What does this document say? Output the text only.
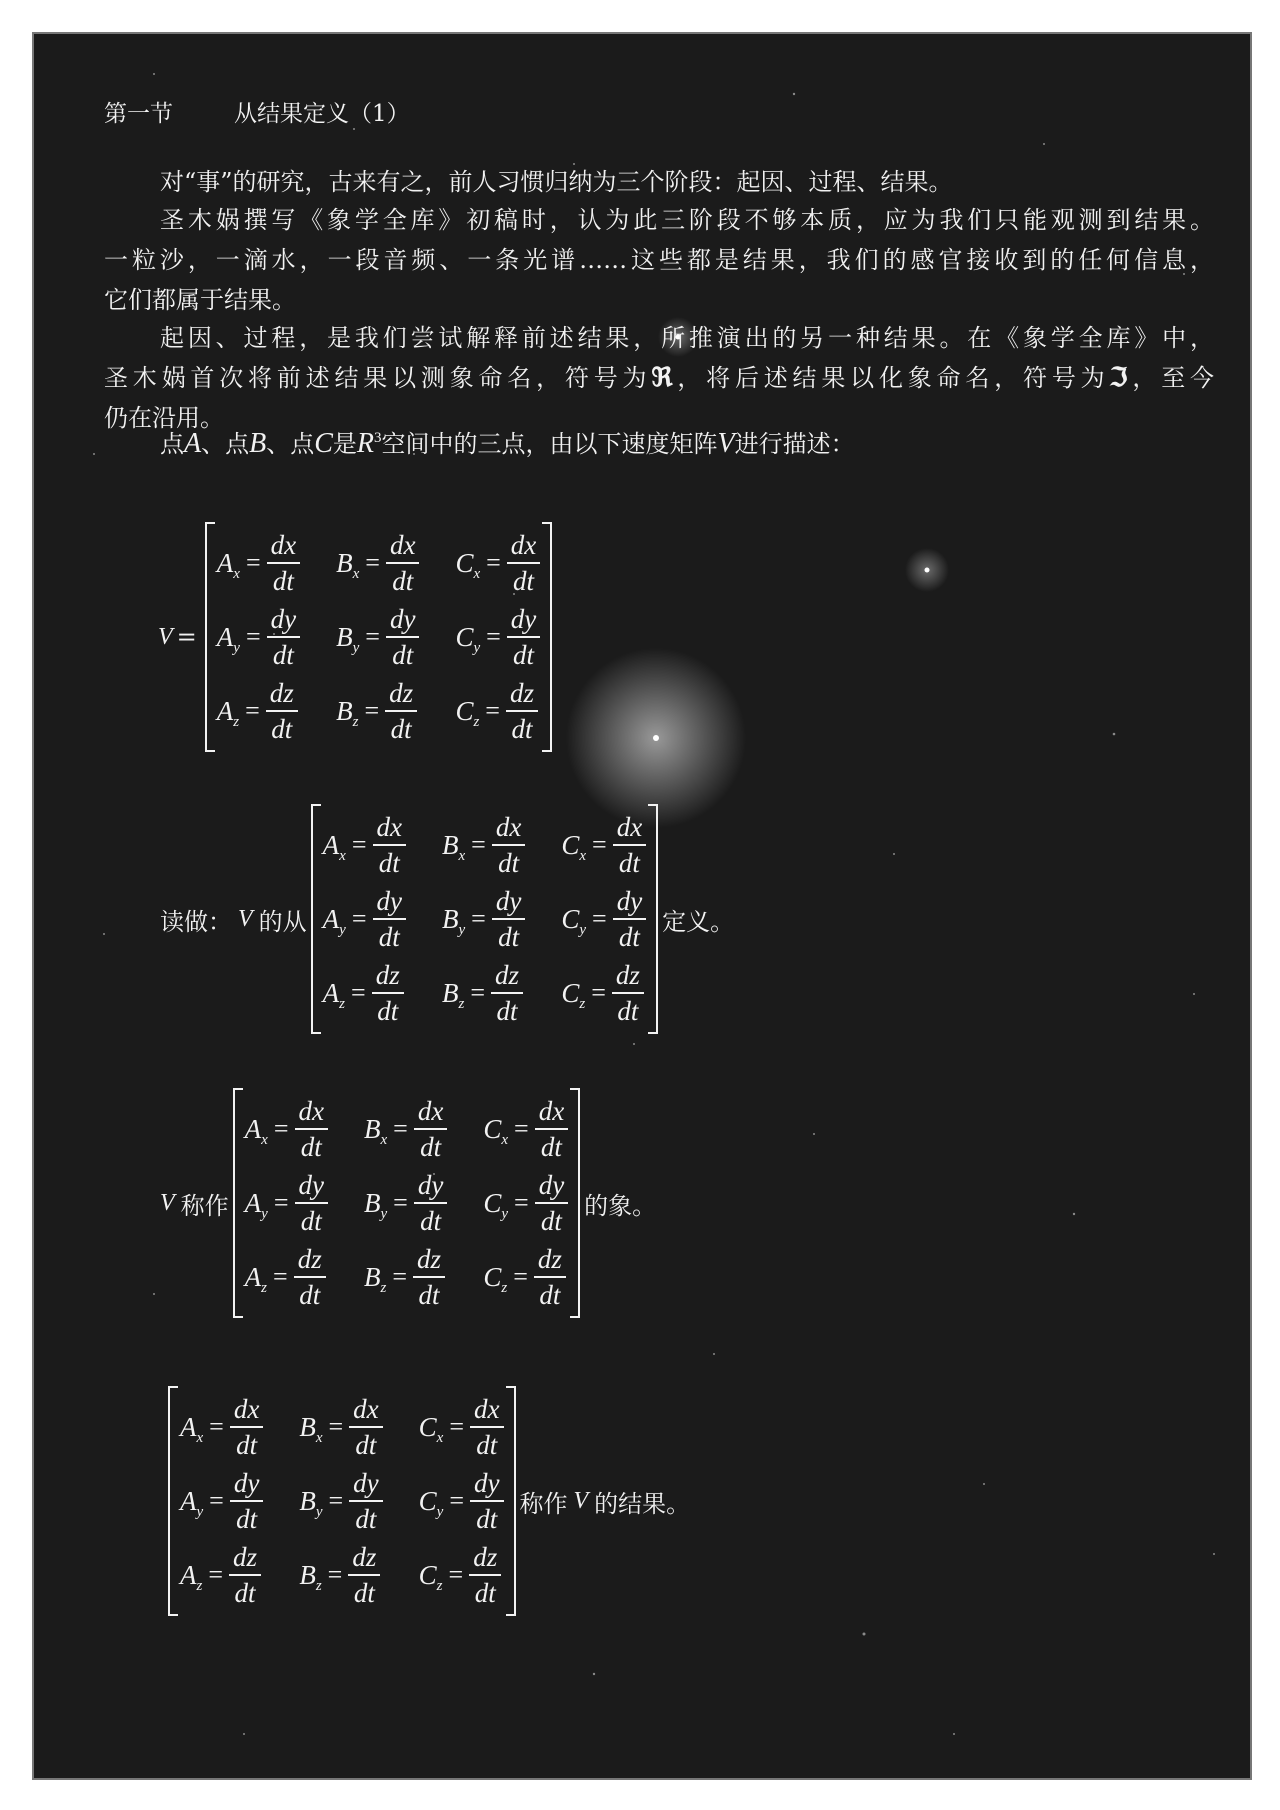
第一节	从结果定义（1）
对“事”的研究，古来有之，前人习惯归纳为三个阶段：起因、过程、结果。
圣木娲撰写《象学全库》初稿时，认为此三阶段不够本质，应为我们只能观测到结果。
一粒沙，一滴水，一段音频、一条光谱……这些都是结果，我们的感官接收到的任何信息，
它们都属于结果。
起因、过程，是我们尝试解释前述结果，所推演出的另一种结果。在《象学全库》中，
圣木娲首次将前述结果以测象命名，符号为ℜ，将后述结果以化象命名，符号为ℑ，至今
仍在沿用。
点A、点B、点C是$R^3$空间中的三点，由以下速度矩阵V进行描述：
V =
$A_x = \frac{dx}{dt} B_x = \frac{dx}{dt} C_x = \frac{dx}{dt}$
$A_y = \frac{dy}{dt} B_y = \frac{dy}{dt} C_y = \frac{dy}{dt}$
$A_z = \frac{dz}{dt} B_z = \frac{dz}{dt} C_z = \frac{dz}{dt}$
读做： V 的从
$A_x = \frac{dx}{dt} B_x = \frac{dx}{dt} C_x = \frac{dx}{dt}$
$A_y = \frac{dy}{dt} B_y = \frac{dy}{dt} C_y = \frac{dy}{dt}$
$A_z = \frac{dz}{dt} B_z = \frac{dz}{dt} C_z = \frac{dz}{dt}$
定义。
V 称作
$A_x = \frac{dx}{dt} B_x = \frac{dx}{dt} C_x = \frac{dx}{dt}$
$A_y = \frac{dy}{dt} B_y = \frac{dy}{dt} C_y = \frac{dy}{dt}$
$A_z = \frac{dz}{dt} B_z = \frac{dz}{dt} C_z = \frac{dz}{dt}$
的象。
$A_x = \frac{dx}{dt} B_x = \frac{dx}{dt} C_x = \frac{dx}{dt}$
$A_y = \frac{dy}{dt} B_y = \frac{dy}{dt} C_y = \frac{dy}{dt}$
$A_z = \frac{dz}{dt} B_z = \frac{dz}{dt} C_z = \frac{dz}{dt}$
称作 V 的结果。
